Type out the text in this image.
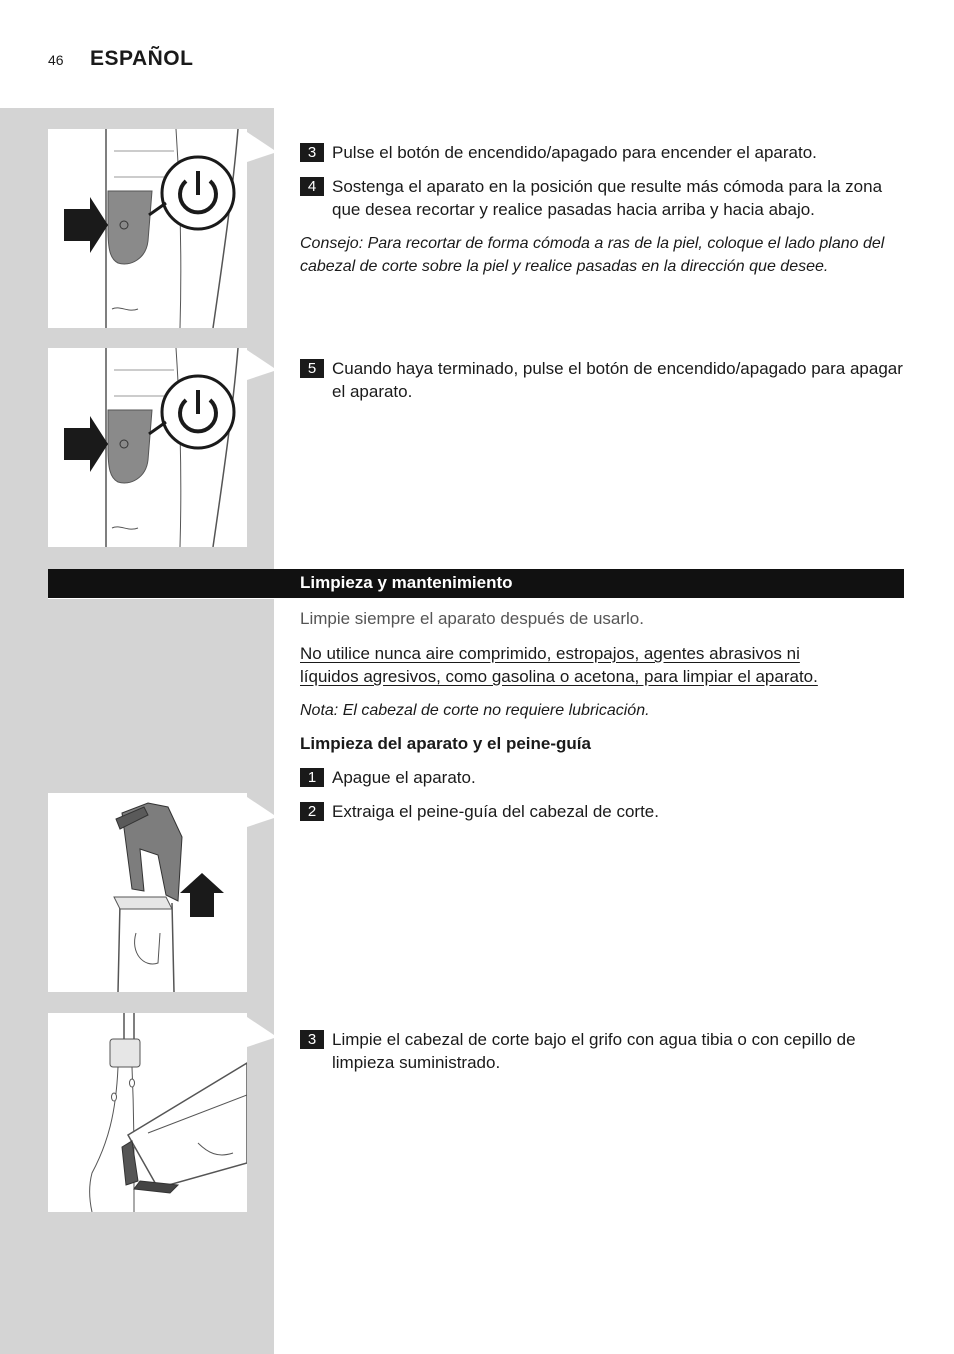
46 ESPAÑOL
3 Pulse el botón de encendido/apagado para encender el aparato.
4 Sostenga el aparato en la posición que resulte más cómoda para la zona que desea recortar y realice pasadas hacia arriba y hacia abajo.
Consejo: Para recortar de forma cómoda a ras de la piel, coloque el lado plano del cabezal de corte sobre la piel y realice pasadas en la dirección que desee.
5 Cuando haya terminado, pulse el botón de encendido/apagado para apagar el aparato.
Limpieza y mantenimiento
Limpie siempre el aparato después de usarlo.
No utilice nunca aire comprimido, estropajos, agentes abrasivos ni
líquidos agresivos, como gasolina o acetona, para limpiar el aparato.
Nota: El cabezal de corte no requiere lubricación.
Limpieza del aparato y el peine-guía
1 Apague el aparato.
2 Extraiga el peine-guía del cabezal de corte.
3 Limpie el cabezal de corte bajo el grifo con agua tibia o con cepillo de limpieza suministrado.
